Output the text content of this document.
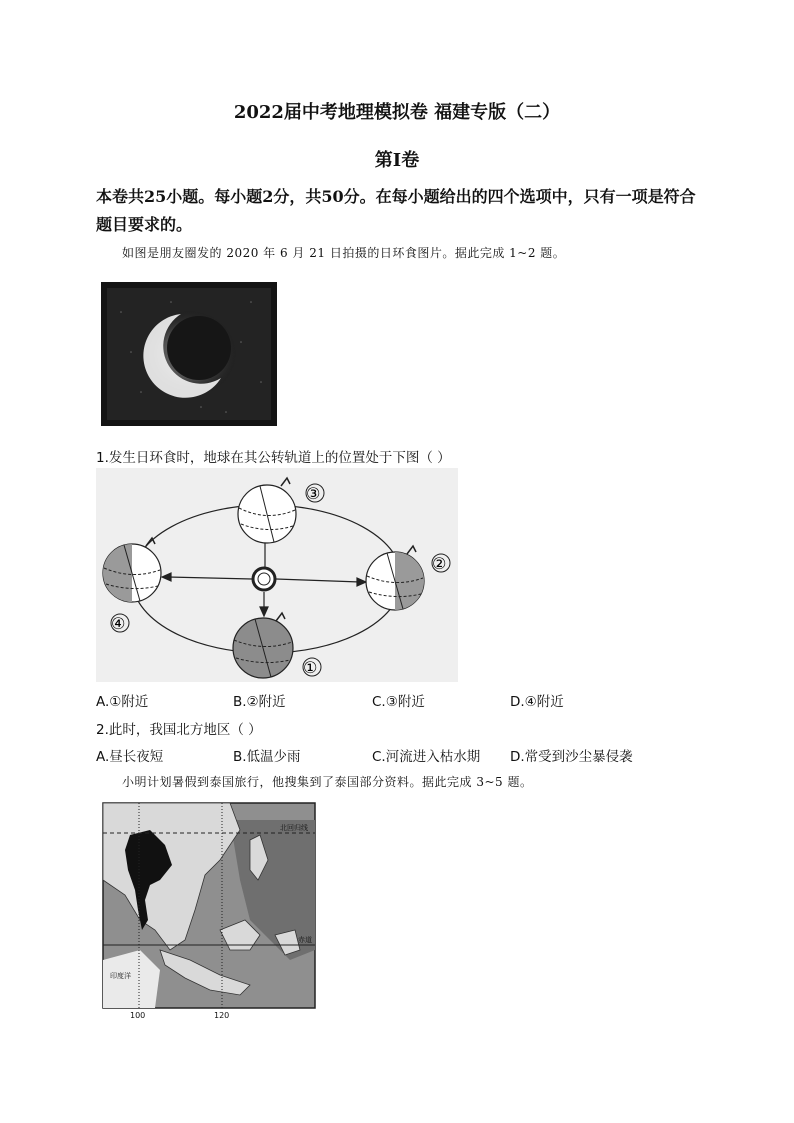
2022届中考地理模拟卷 福建专版（二）
第I卷
本卷共25小题。每小题2分，共50分。在每小题给出的四个选项中，只有一项是符合题目要求的。
如图是朋友圈发的 2020 年 6 月 21 日拍摄的日环食图片。据此完成 1~2 题。
1.发生日环食时，地球在其公转轨道上的位置处于下图（ ）
③
②
④
①
A.①附近	B.②附近	C.③附近	D.④附近
2.此时，我国北方地区（ ）
A.昼长夜短	B.低温少雨	C.河流进入枯水期 D.常受到沙尘暴侵袭
小明计划暑假到泰国旅行，他搜集到了泰国部分资料。据此完成 3~5 题。
北回归线
赤道
印度洋
100	120
